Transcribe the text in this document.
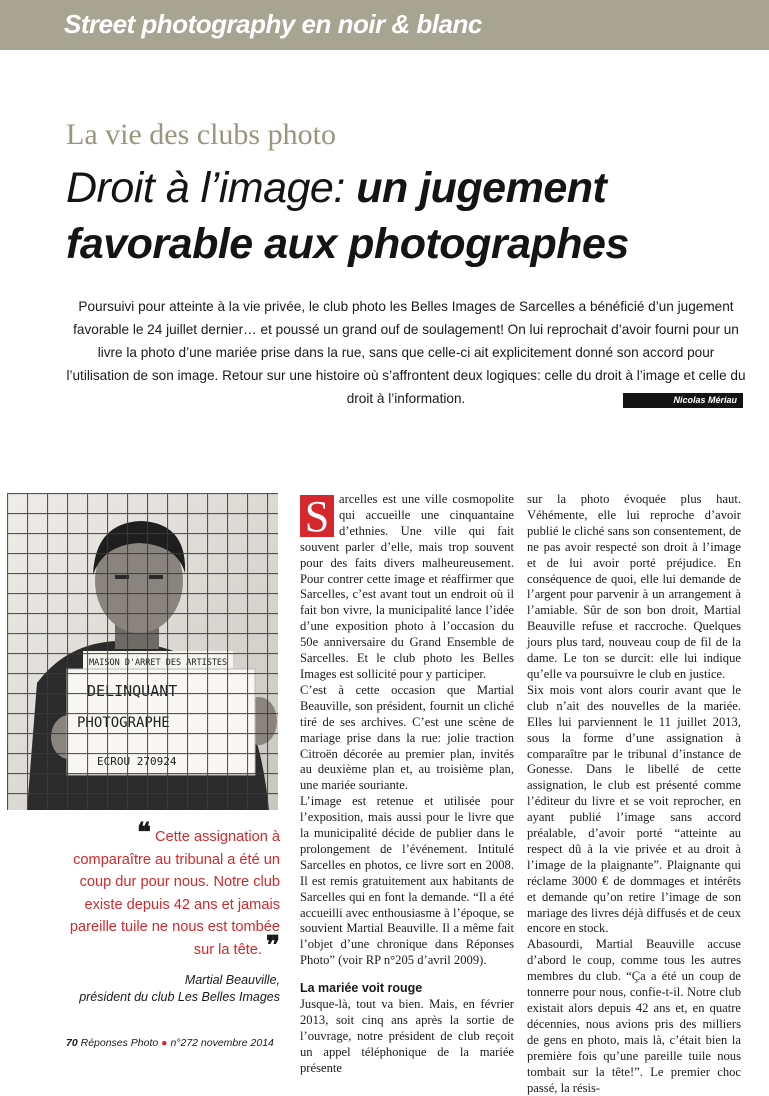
Street photography en noir & blanc
La vie des clubs photo
Droit à l’image: un jugement
favorable aux photographes
Poursuivi pour atteinte à la vie privée, le club photo les Belles Images de Sarcelles a bénéficié d’un jugement favorable le 24 juillet dernier… et poussé un grand ouf de soulagement! On lui reprochait d’avoir fourni pour un livre la photo d’une mariée prise dans la rue, sans que celle-ci ait explicitement donné son accord pour l’utilisation de son image. Retour sur une histoire où s’affrontent deux logiques: celle du droit à l’image et celle du droit à l’information.	Nicolas Mériau
❝ Cette assignation à comparaître au tribunal a été un coup dur pour nous. Notre club existe depuis 42 ans et jamais pareille tuile ne nous est tombée sur la tête. ❞
Martial Beauville,
président du club Les Belles Images

S arcelles est une ville cosmopolite qui accueille une cinquantaine d’ethnies. Une ville qui fait souvent parler d’elle, mais trop souvent pour des faits divers malheureusement. Pour contrer cette image et réaffirmer que Sarcelles, c’est avant tout un endroit où il fait bon vivre, la municipalité lance l’idée d’une exposition photo à l’occasion du 50e anniversaire du Grand Ensemble de Sarcelles. Et le club photo les Belles Images est sollicité pour y participer.

C’est à cette occasion que Martial Beauville, son président, fournit un cliché tiré de ses archives. C’est une scène de mariage prise dans la rue: jolie traction Citroën décorée au premier plan, invités au deuxième plan et, au troisième plan, une mariée souriante.

L’image est retenue et utilisée pour l’exposition, mais aussi pour le livre que la municipalité décide de publier dans le prolongement de l’événement. Intitulé Sarcelles en photos, ce livre sort en 2008. Il est remis gratuitement aux habitants de Sarcelles qui en font la demande. “Il a été accueilli avec enthousiasme à l’époque, se souvient Martial Beauville. Il a même fait l’objet d’une chronique dans Réponses Photo” (voir RP n°205 d’avril 2009).

La mariée voit rouge

Jusque-là, tout va bien. Mais, en février 2013, soit cinq ans après la sortie de l’ouvrage, notre président de club reçoit un appel téléphonique de la mariée présente

sur la photo évoquée plus haut. Véhémente, elle lui reproche d’avoir publié le cliché sans son consentement, de ne pas avoir respecté son droit à l’image et de lui avoir porté préjudice. En conséquence de quoi, elle lui demande de l’argent pour parvenir à un arrangement à l’amiable. Sûr de son bon droit, Martial Beauville refuse et raccroche. Quelques jours plus tard, nouveau coup de fil de la dame. Le ton se durcit: elle lui indique qu’elle va poursuivre le club en justice.

Six mois vont alors courir avant que le club n’ait des nouvelles de la mariée. Elles lui parviennent le 11 juillet 2013, sous la forme d’une assignation à comparaître par le tribunal d’instance de Gonesse. Dans le libellé de cette assignation, le club est présenté comme l’éditeur du livre et se voit reprocher, en ayant publié l’image sans accord préalable, d’avoir porté “atteinte au respect dû à la vie privée et au droit à l’image de la plaignante”. Plaignante qui réclame 3000 € de dommages et intérêts et demande qu’on retire l’image de son mariage des livres déjà diffusés et de ceux encore en stock.

Abasourdi, Martial Beauville accuse d’abord le coup, comme tous les autres membres du club. “Ça a été un coup de tonnerre pour nous, confie-t-il. Notre club existait alors depuis 42 ans et, en quatre décennies, nous avions pris des milliers de gens en photo, mais là, c’était bien la première fois qu’une pareille tuile nous tombait sur la tête!”. Le premier choc passé, la résis-

70 Réponses Photo ● n°272 novembre 2014
